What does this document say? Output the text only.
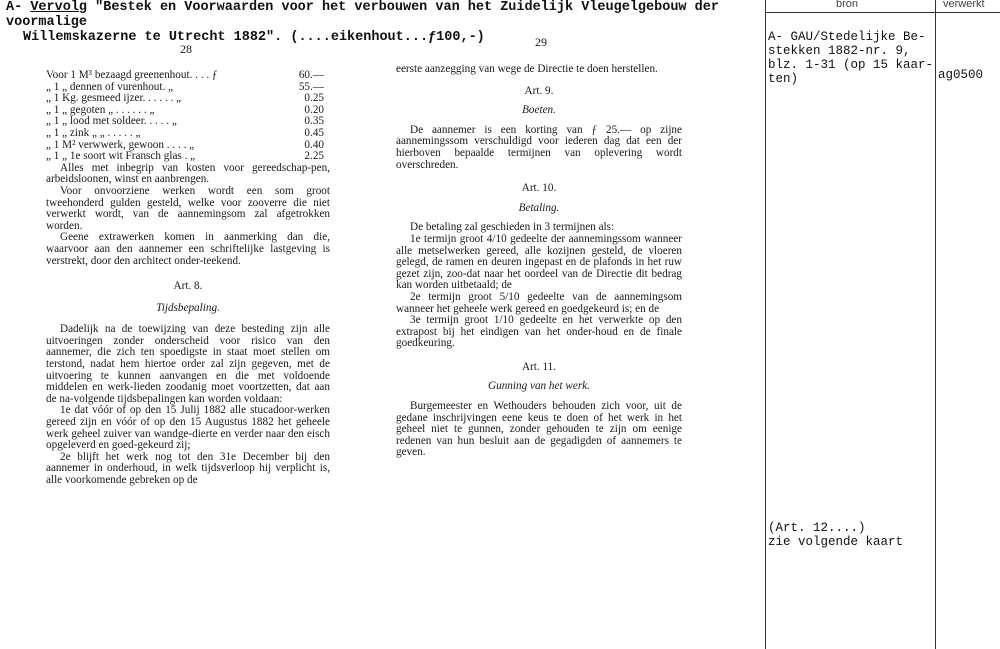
bron	verwerkt
A- Vervolg "Bestek en Voorwaarden voor het verbouwen van het Zuidelijk Vleugelgebouw der voormalige
Willemskazerne te Utrecht 1882". (....eikenhout...ƒ100,-)
28
Voor 1 M³ bezaagd greenenhout. . . . ƒ	60.—
„ 1 „ dennen of vurenhout. „	55.—
„ 1 Kg. gesmeed ijzer. . . . . . „	0.25
„ 1 „ gegoten „ . . . . . . „	0.20
„ 1 „ lood met soldeer. . . . . „	0.35
„ 1 „ zink „ „ . . . . . „	0.45
„ 1 M² verwwerk, gewoon . . . . „	0.40
„ 1 „ 1e soort wit Fransch glas . „	2.25

Alles met inbegrip van kosten voor gereedschap-pen, arbeidsloonen, winst en aanbrengen.

Voor onvoorziene werken wordt een som groot tweehonderd gulden gesteld, welke voor zooverre die niet verwerkt wordt, van de aannemingsom zal afgetrokken worden.

Geene extrawerken komen in aanmerking dan die, waarvoor aan den aannemer een schriftelijke lastgeving is verstrekt, door den architect onder-teekend.

Art. 8.

Tijdsbepaling.

Dadelijk na de toewijzing van deze besteding zijn alle uitvoeringen zonder onderscheid voor risico van den aannemer, die zich ten spoedigste in staat moet stellen om terstond, nadat hem hiertoe order zal zijn gegeven, met de uitvoering te kunnen aanvangen en die met voldoende middelen en werk-lieden zoodanig moet voortzetten, dat aan de na-volgende tijdsbepalingen kan worden voldaan:

1e dat vóór of op den 15 Julij 1882 alle stucadoor-werken gereed zijn en vóór of op den 15 Augustus 1882 het geheele werk geheel zuiver van wandge-dierte en verder naar den eisch opgeleverd en goed-gekeurd zij;

2e blijft het werk nog tot den 31e December bij den aannemer in onderhoud, in welk tijdsverloop hij verplicht is, alle voorkomende gebreken op de

29

eerste aanzegging van wege de Directie te doen herstellen.

Art. 9.

Boeten.

De aannemer is een korting van ƒ 25.— op zijne aannemingssom verschuldigd voor iederen dag dat een der hierboven bepaalde termijnen van oplevering wordt overschreden.

Art. 10.

Betaling.

De betaling zal geschieden in 3 termijnen als:

1e termijn groot 4/10 gedeelte der aannemingssom wanneer alle metselwerken gereed, alle kozijnen gesteld, de vloeren gelegd, de ramen en deuren ingepast en de plafonds in het ruw gezet zijn, zoo-dat naar het oordeel van de Directie dit bedrag kan worden uitbetaald; de

2e termijn groot 5/10 gedeelte van de aannemingsom wanneer het geheele werk gereed en goedgekeurd is; en de

3e termijn groot 1/10 gedeelte en het verwerkte op den extrapost bij het eindigen van het onder-houd en de finale goedkeuring.

Art. 11.

Gunning van het werk.

Burgemeester en Wethouders behouden zich voor, uit de gedane inschrijvingen eene keus te doen of het werk in het geheel niet te gunnen, zonder gehouden te zijn om eenige redenen van hun besluit aan de gegadigden of aannemers te geven.

A- GAU/Stedelijke Be-
stekken 1882-nr. 9,
blz. 1-31 (op 15 kaar-
ten)	ag0500
(Art. 12....)
zie volgende kaart
